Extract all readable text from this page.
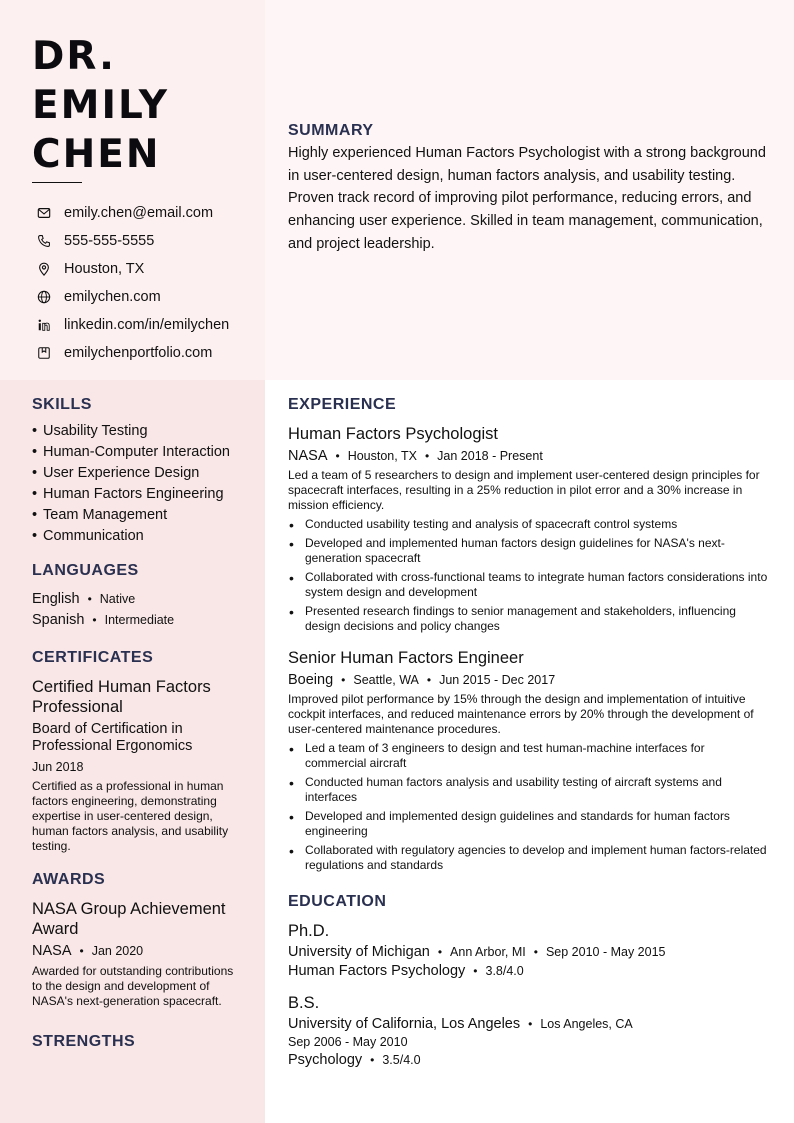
DR.
EMILY
CHEN
emily.chen@email.com
555-555-5555
Houston, TX
emilychen.com
linkedin.com/in/emilychen
emilychenportfolio.com
SUMMARY
Highly experienced Human Factors Psychologist with a strong background in user-centered design, human factors analysis, and usability testing. Proven track record of improving pilot performance, reducing errors, and enhancing user experience. Skilled in team management, communication, and project leadership.
SKILLS
• Usability Testing
• Human-Computer Interaction
• User Experience Design
• Human Factors Engineering
• Team Management
• Communication
LANGUAGES
English • Native
Spanish • Intermediate
CERTIFICATES
Certified Human Factors Professional
Board of Certification in Professional Ergonomics
Jun 2018
Certified as a professional in human factors engineering, demonstrating expertise in user-centered design, human factors analysis, and usability testing.
AWARDS
NASA Group Achievement Award
NASA • Jan 2020
Awarded for outstanding contributions to the design and development of NASA's next-generation spacecraft.
STRENGTHS
EXPERIENCE
Human Factors Psychologist
NASA • Houston, TX • Jan 2018 - Present
Led a team of 5 researchers to design and implement user-centered design principles for spacecraft interfaces, resulting in a 25% reduction in pilot error and a 30% increase in mission efficiency.
• Conducted usability testing and analysis of spacecraft control systems
• Developed and implemented human factors design guidelines for NASA's next-generation spacecraft
• Collaborated with cross-functional teams to integrate human factors considerations into system design and development
• Presented research findings to senior management and stakeholders, influencing design decisions and policy changes
Senior Human Factors Engineer
Boeing • Seattle, WA • Jun 2015 - Dec 2017
Improved pilot performance by 15% through the design and implementation of intuitive cockpit interfaces, and reduced maintenance errors by 20% through the development of user-centered maintenance procedures.
• Led a team of 3 engineers to design and test human-machine interfaces for commercial aircraft
• Conducted human factors analysis and usability testing of aircraft systems and interfaces
• Developed and implemented design guidelines and standards for human factors engineering
• Collaborated with regulatory agencies to develop and implement human factors-related regulations and standards
EDUCATION
Ph.D.
University of Michigan • Ann Arbor, MI • Sep 2010 - May 2015
Human Factors Psychology • 3.8/4.0
B.S.
University of California, Los Angeles • Los Angeles, CA
Sep 2006 - May 2010
Psychology • 3.5/4.0
